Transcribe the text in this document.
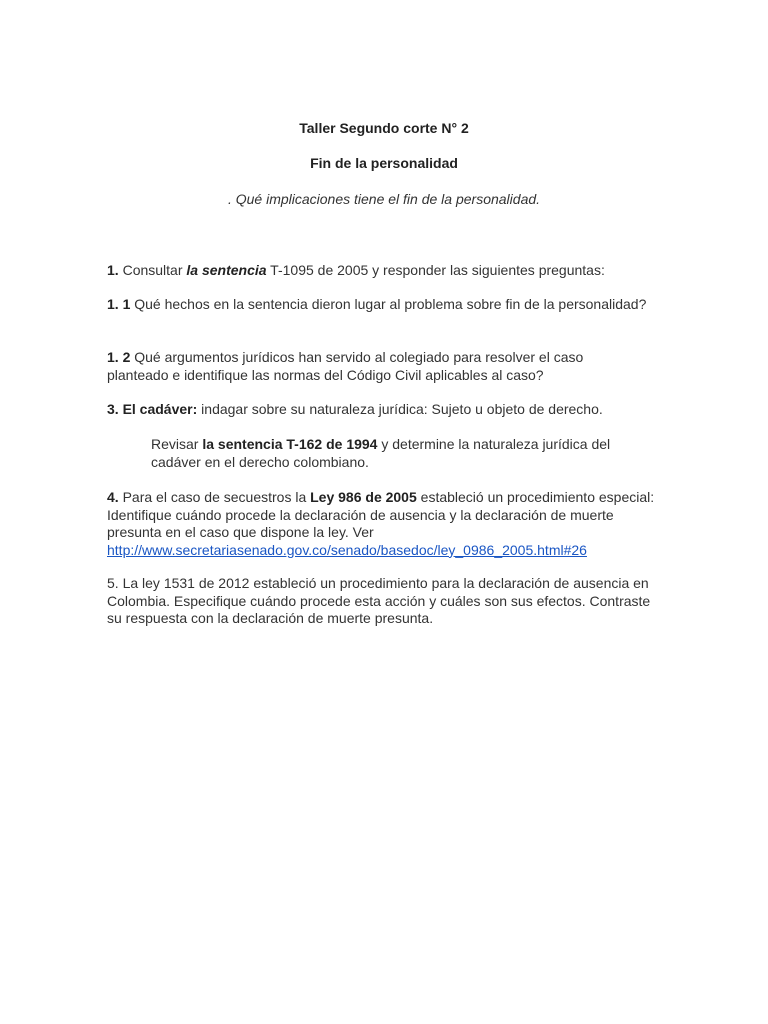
Taller Segundo corte N° 2
Fin de la personalidad
. Qué implicaciones tiene el fin de la personalidad.

1. Consultar la sentencia T-1095 de 2005 y responder las siguientes preguntas:

1. 1 Qué hechos en la sentencia dieron lugar al problema sobre fin de la personalidad?

1. 2 Qué argumentos jurídicos han servido al colegiado para resolver el caso planteado e identifique las normas del Código Civil aplicables al caso?

3. El cadáver: indagar sobre su naturaleza jurídica: Sujeto u objeto de derecho.

Revisar la sentencia T-162 de 1994 y determine la naturaleza jurídica del cadáver en el derecho colombiano.

4. Para el caso de secuestros la Ley 986 de 2005 estableció un procedimiento especial:    Identifique cuándo procede la declaración de ausencia y la declaración de muerte presunta en el caso que dispone la ley. Ver
http://www.secretariasenado.gov.co/senado/basedoc/ley_0986_2005.html#26

5. La ley 1531 de 2012 estableció un procedimiento para la declaración de ausencia en Colombia. Especifique cuándo procede esta acción y cuáles son sus efectos. Contraste su respuesta con la declaración de muerte presunta.
